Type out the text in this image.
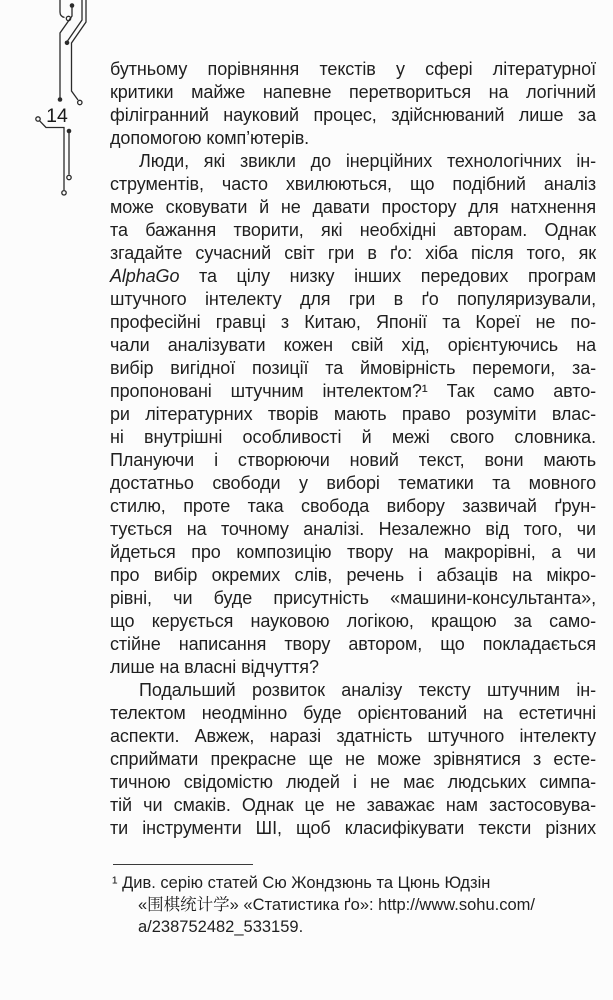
14
бутньому порівняння текстів у сфері літературної
критики майже напевне перетвориться на логічний
філігранний науковий процес, здійснюваний лише за
допомогою комп’ютерів.
Люди, які звикли до інерційних технологічних ін-
струментів, часто хвилюються, що подібний аналіз
може сковувати й не давати простору для натхнення
та бажання творити, які необхідні авторам. Однак
згадайте сучасний світ гри в ґо: хіба після того, як
AlphaGo та цілу низку інших передових програм
штучного інтелекту для гри в ґо популяризували,
професійні гравці з Китаю, Японії та Кореї не по-
чали аналізувати кожен свій хід, орієнтуючись на
вибір вигідної позиції та ймовірність перемоги, за-
пропоновані штучним інтелектом?¹ Так само авто-
ри літературних творів мають право розуміти влас-
ні внутрішні особливості й межі свого словника.
Плануючи і створюючи новий текст, вони мають
достатньо свободи у виборі тематики та мовного
стилю, проте така свобода вибору зазвичай ґрун-
тується на точному аналізі. Незалежно від того, чи
йдеться про композицію твору на макрорівні, а чи
про вибір окремих слів, речень і абзаців на мікро-
рівні, чи буде присутність «машини-консультанта»,
що керується науковою логікою, кращою за само-
стійне написання твору автором, що покладається
лише на власні відчуття?
Подальший розвиток аналізу тексту штучним ін-
телектом неодмінно буде орієнтований на естетичні
аспекти. Авжеж, наразі здатність штучного інтелекту
сприймати прекрасне ще не може зрівнятися з есте-
тичною свідомістю людей і не має людських симпа-
тій чи смаків. Однак це не заважає нам застосовува-
ти інструменти ШІ, щоб класифікувати тексти різних
¹ Див. серію статей Сю Жондзюнь та Цюнь Юдзін
«围棋统计学» «Статистика ґо»: http://www.sohu.com/
a/238752482_533159.
